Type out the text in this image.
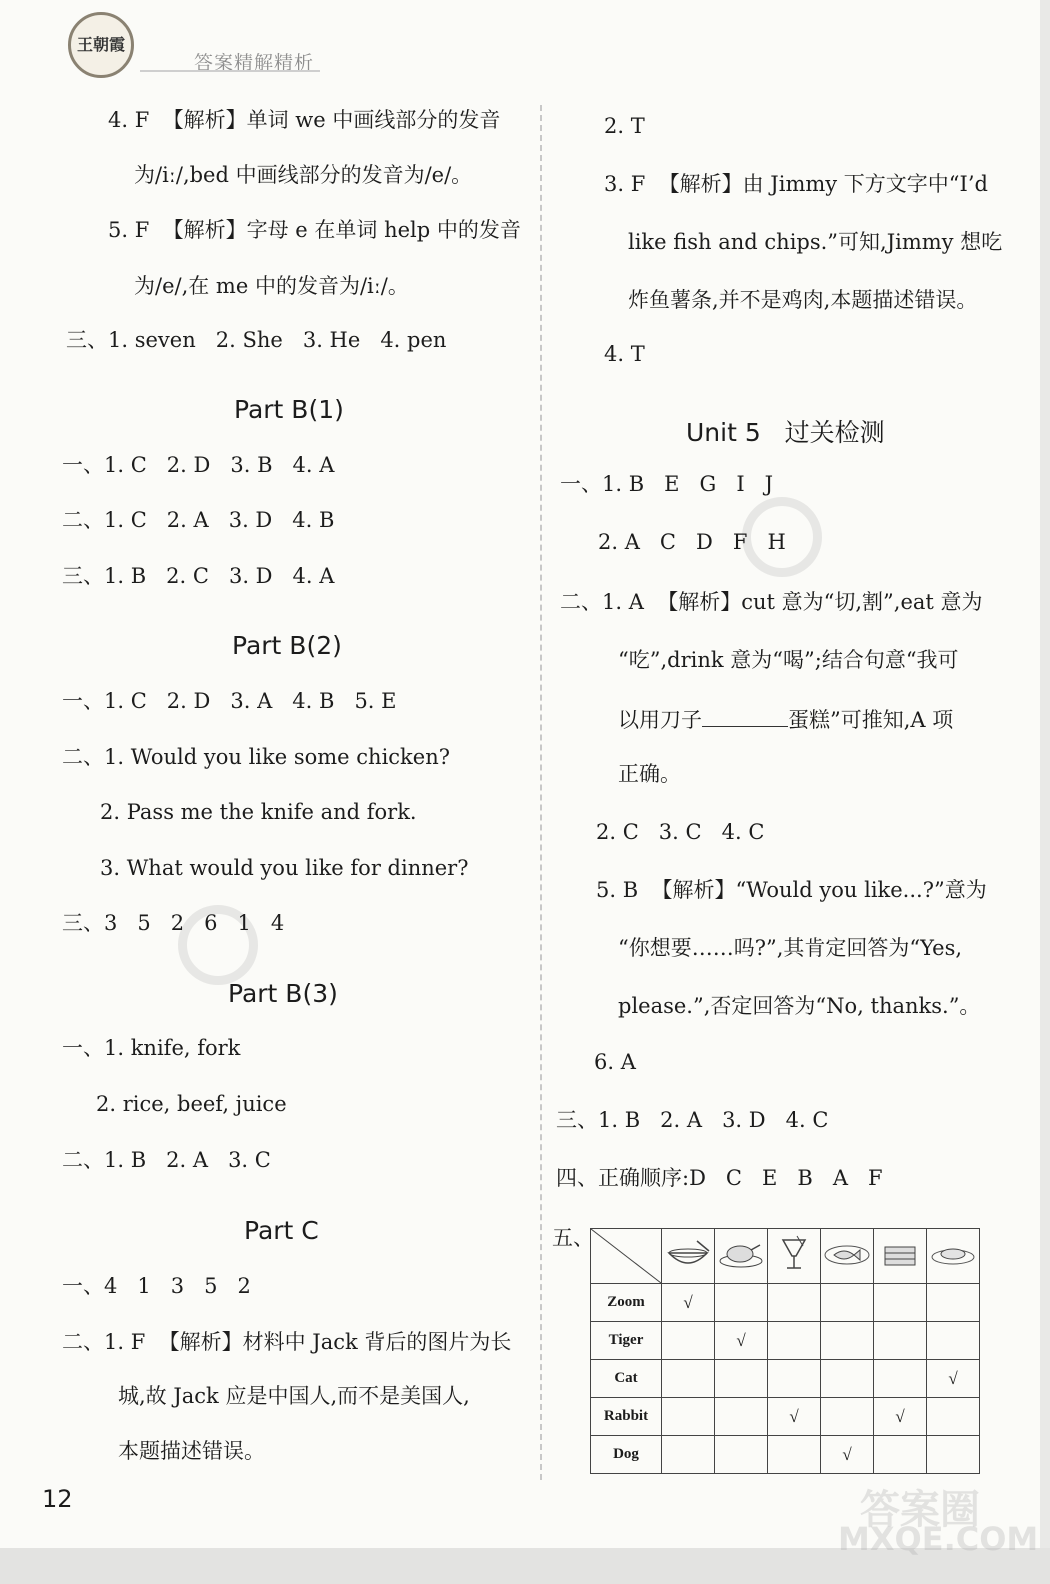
王朝霞
答案精解精析
4. F  【解析】单词 we 中画线部分的发音
为/iː/,bed 中画线部分的发音为/e/。
5. F  【解析】字母 e 在单词 help 中的发音
为/e/,在 me 中的发音为/iː/。
三、1. seven   2. She   3. He   4. pen
Part B(1)
一、1. C   2. D   3. B   4. A
二、1. C   2. A   3. D   4. B
三、1. B   2. C   3. D   4. A
Part B(2)
一、1. C   2. D   3. A   4. B   5. E
二、1. Would you like some chicken?
2. Pass me the knife and fork.
3. What would you like for dinner?
三、3   5   2   6   1   4
Part B(3)
一、1. knife, fork
2. rice, beef, juice
二、1. B   2. A   3. C
Part C
一、4   1   3   5   2
二、1. F  【解析】材料中 Jack 背后的图片为长
城,故 Jack 应是中国人,而不是美国人,
本题描述错误。
2. T
3. F  【解析】由 Jimmy 下方文字中“I’d
like fish and chips.”可知,Jimmy 想吃
炸鱼薯条,并不是鸡肉,本题描述错误。
4. T
Unit 5   过关检测
一、1. B   E   G   I   J
2. A   C   D   F   H
二、1. A  【解析】cut 意为“切,割”,eat 意为
“吃”,drink 意为“喝”;结合句意“我可
以用刀子	蛋糕”可推知,A 项
正确。
2. C   3. C   4. C
5. B  【解析】“Would you like...?”意为
“你想要……吗?”,其肯定回答为“Yes,
please.”,否定回答为“No, thanks.”。
6. A
三、1. B   2. A   3. D   4. C
四、正确顺序:D   C   E   B   A   F
五、

Zoom	√					
Tiger		√				
Cat						√
Rabbit			√		√	
Dog				√		
12	答案圈
MXQE.COM
